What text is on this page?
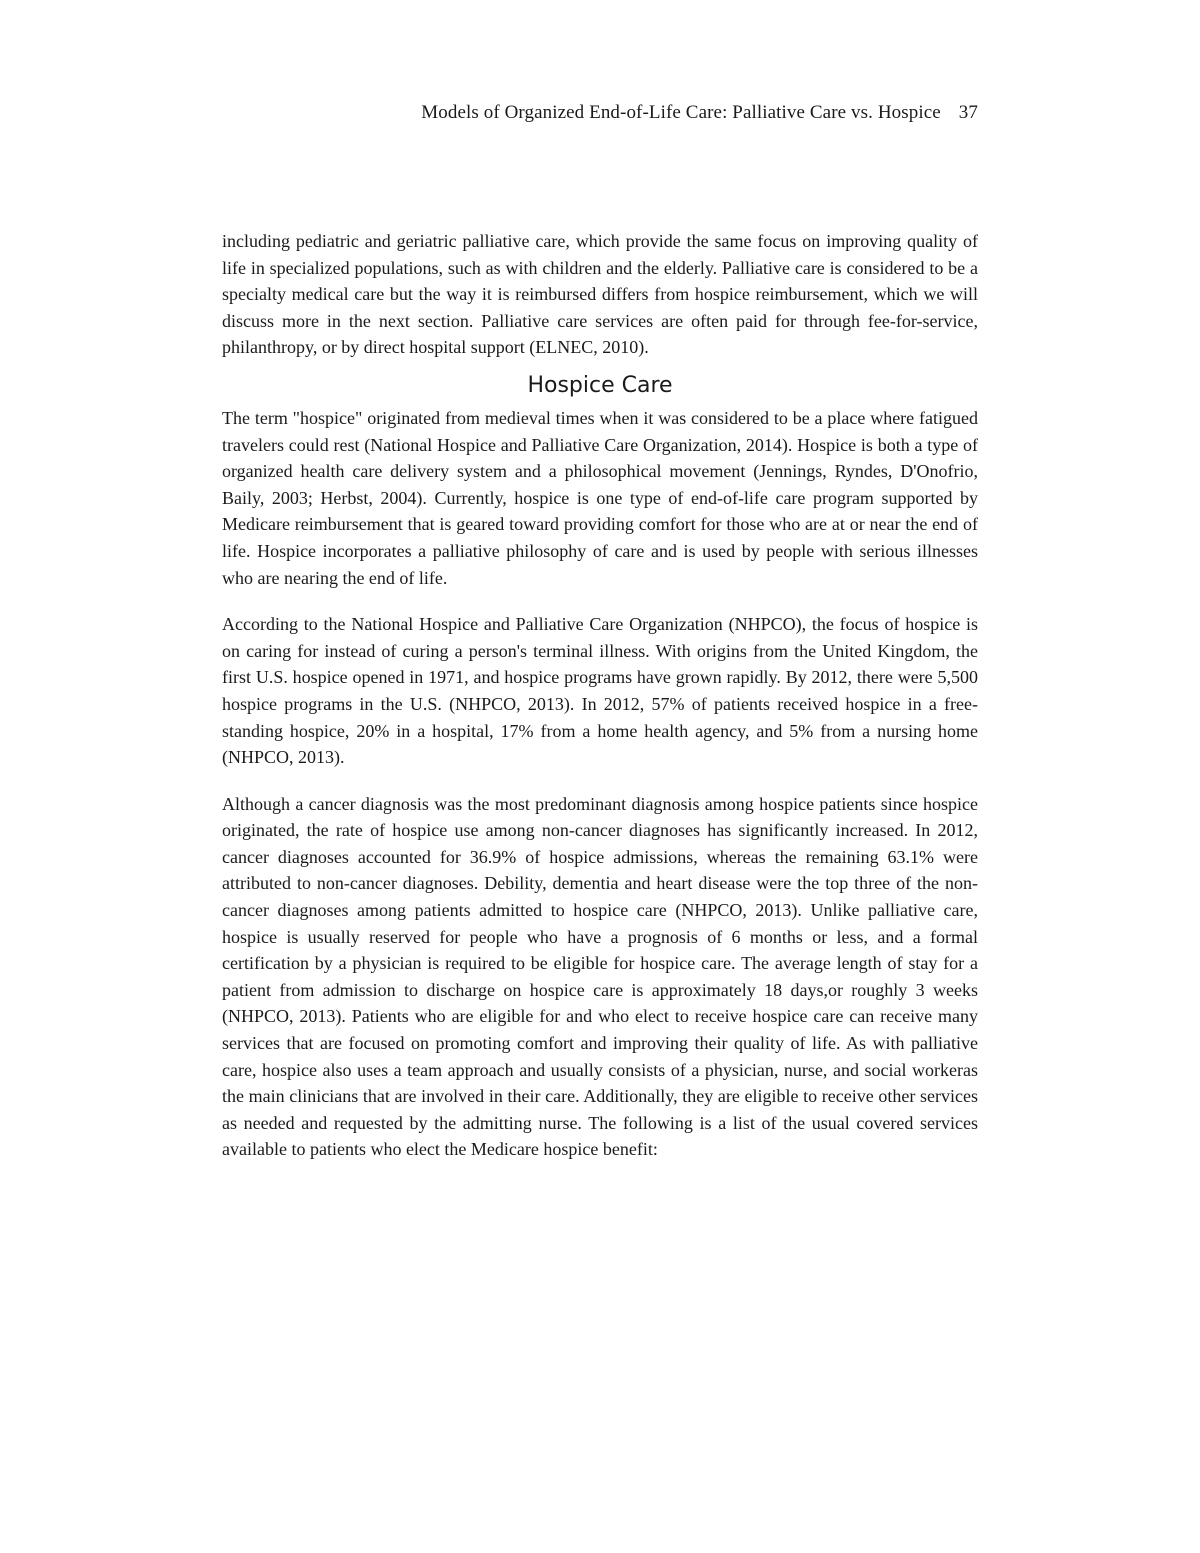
Models of Organized End-of-Life Care: Palliative Care vs. Hospice 37

including pediatric and geriatric palliative care, which provide the same focus on improving quality of life in specialized populations, such as with children and the elderly. Palliative care is considered to be a specialty medical care but the way it is reimbursed differs from hospice reimbursement, which we will discuss more in the next section. Palliative care services are often paid for through fee-for-service, philanthropy, or by direct hospital support (ELNEC, 2010).

Hospice Care

The term "hospice" originated from medieval times when it was considered to be a place where fatigued travelers could rest (National Hospice and Palliative Care Organization, 2014). Hospice is both a type of organized health care delivery system and a philosophical movement (Jennings, Ryndes, D'Onofrio, Baily, 2003; Herbst, 2004). Currently, hospice is one type of end-of-life care program supported by Medicare reimbursement that is geared toward providing comfort for those who are at or near the end of life. Hospice incorporates a palliative philosophy of care and is used by people with serious illnesses who are nearing the end of life.

According to the National Hospice and Palliative Care Organization (NHPCO), the focus of hospice is on caring for instead of curing a person's terminal illness. With origins from the United Kingdom, the first U.S. hospice opened in 1971, and hospice programs have grown rapidly. By 2012, there were 5,500 hospice programs in the U.S. (NHPCO, 2013). In 2012, 57% of patients received hospice in a free-standing hospice, 20% in a hospital, 17% from a home health agency, and 5% from a nursing home (NHPCO, 2013).

Although a cancer diagnosis was the most predominant diagnosis among hospice patients since hospice originated, the rate of hospice use among non-cancer diagnoses has significantly increased. In 2012, cancer diagnoses accounted for 36.9% of hospice admissions, whereas the remaining 63.1% were attributed to non-cancer diagnoses. Debility, dementia and heart disease were the top three of the non-cancer diagnoses among patients admitted to hospice care (NHPCO, 2013). Unlike palliative care, hospice is usually reserved for people who have a prognosis of 6 months or less, and a formal certification by a physician is required to be eligible for hospice care. The average length of stay for a patient from admission to discharge on hospice care is approximately 18 days,or roughly 3 weeks (NHPCO, 2013). Patients who are eligible for and who elect to receive hospice care can receive many services that are focused on promoting comfort and improving their quality of life. As with palliative care, hospice also uses a team approach and usually consists of a physician, nurse, and social workeras the main clinicians that are involved in their care. Additionally, they are eligible to receive other services as needed and requested by the admitting nurse. The following is a list of the usual covered services available to patients who elect the Medicare hospice benefit:
